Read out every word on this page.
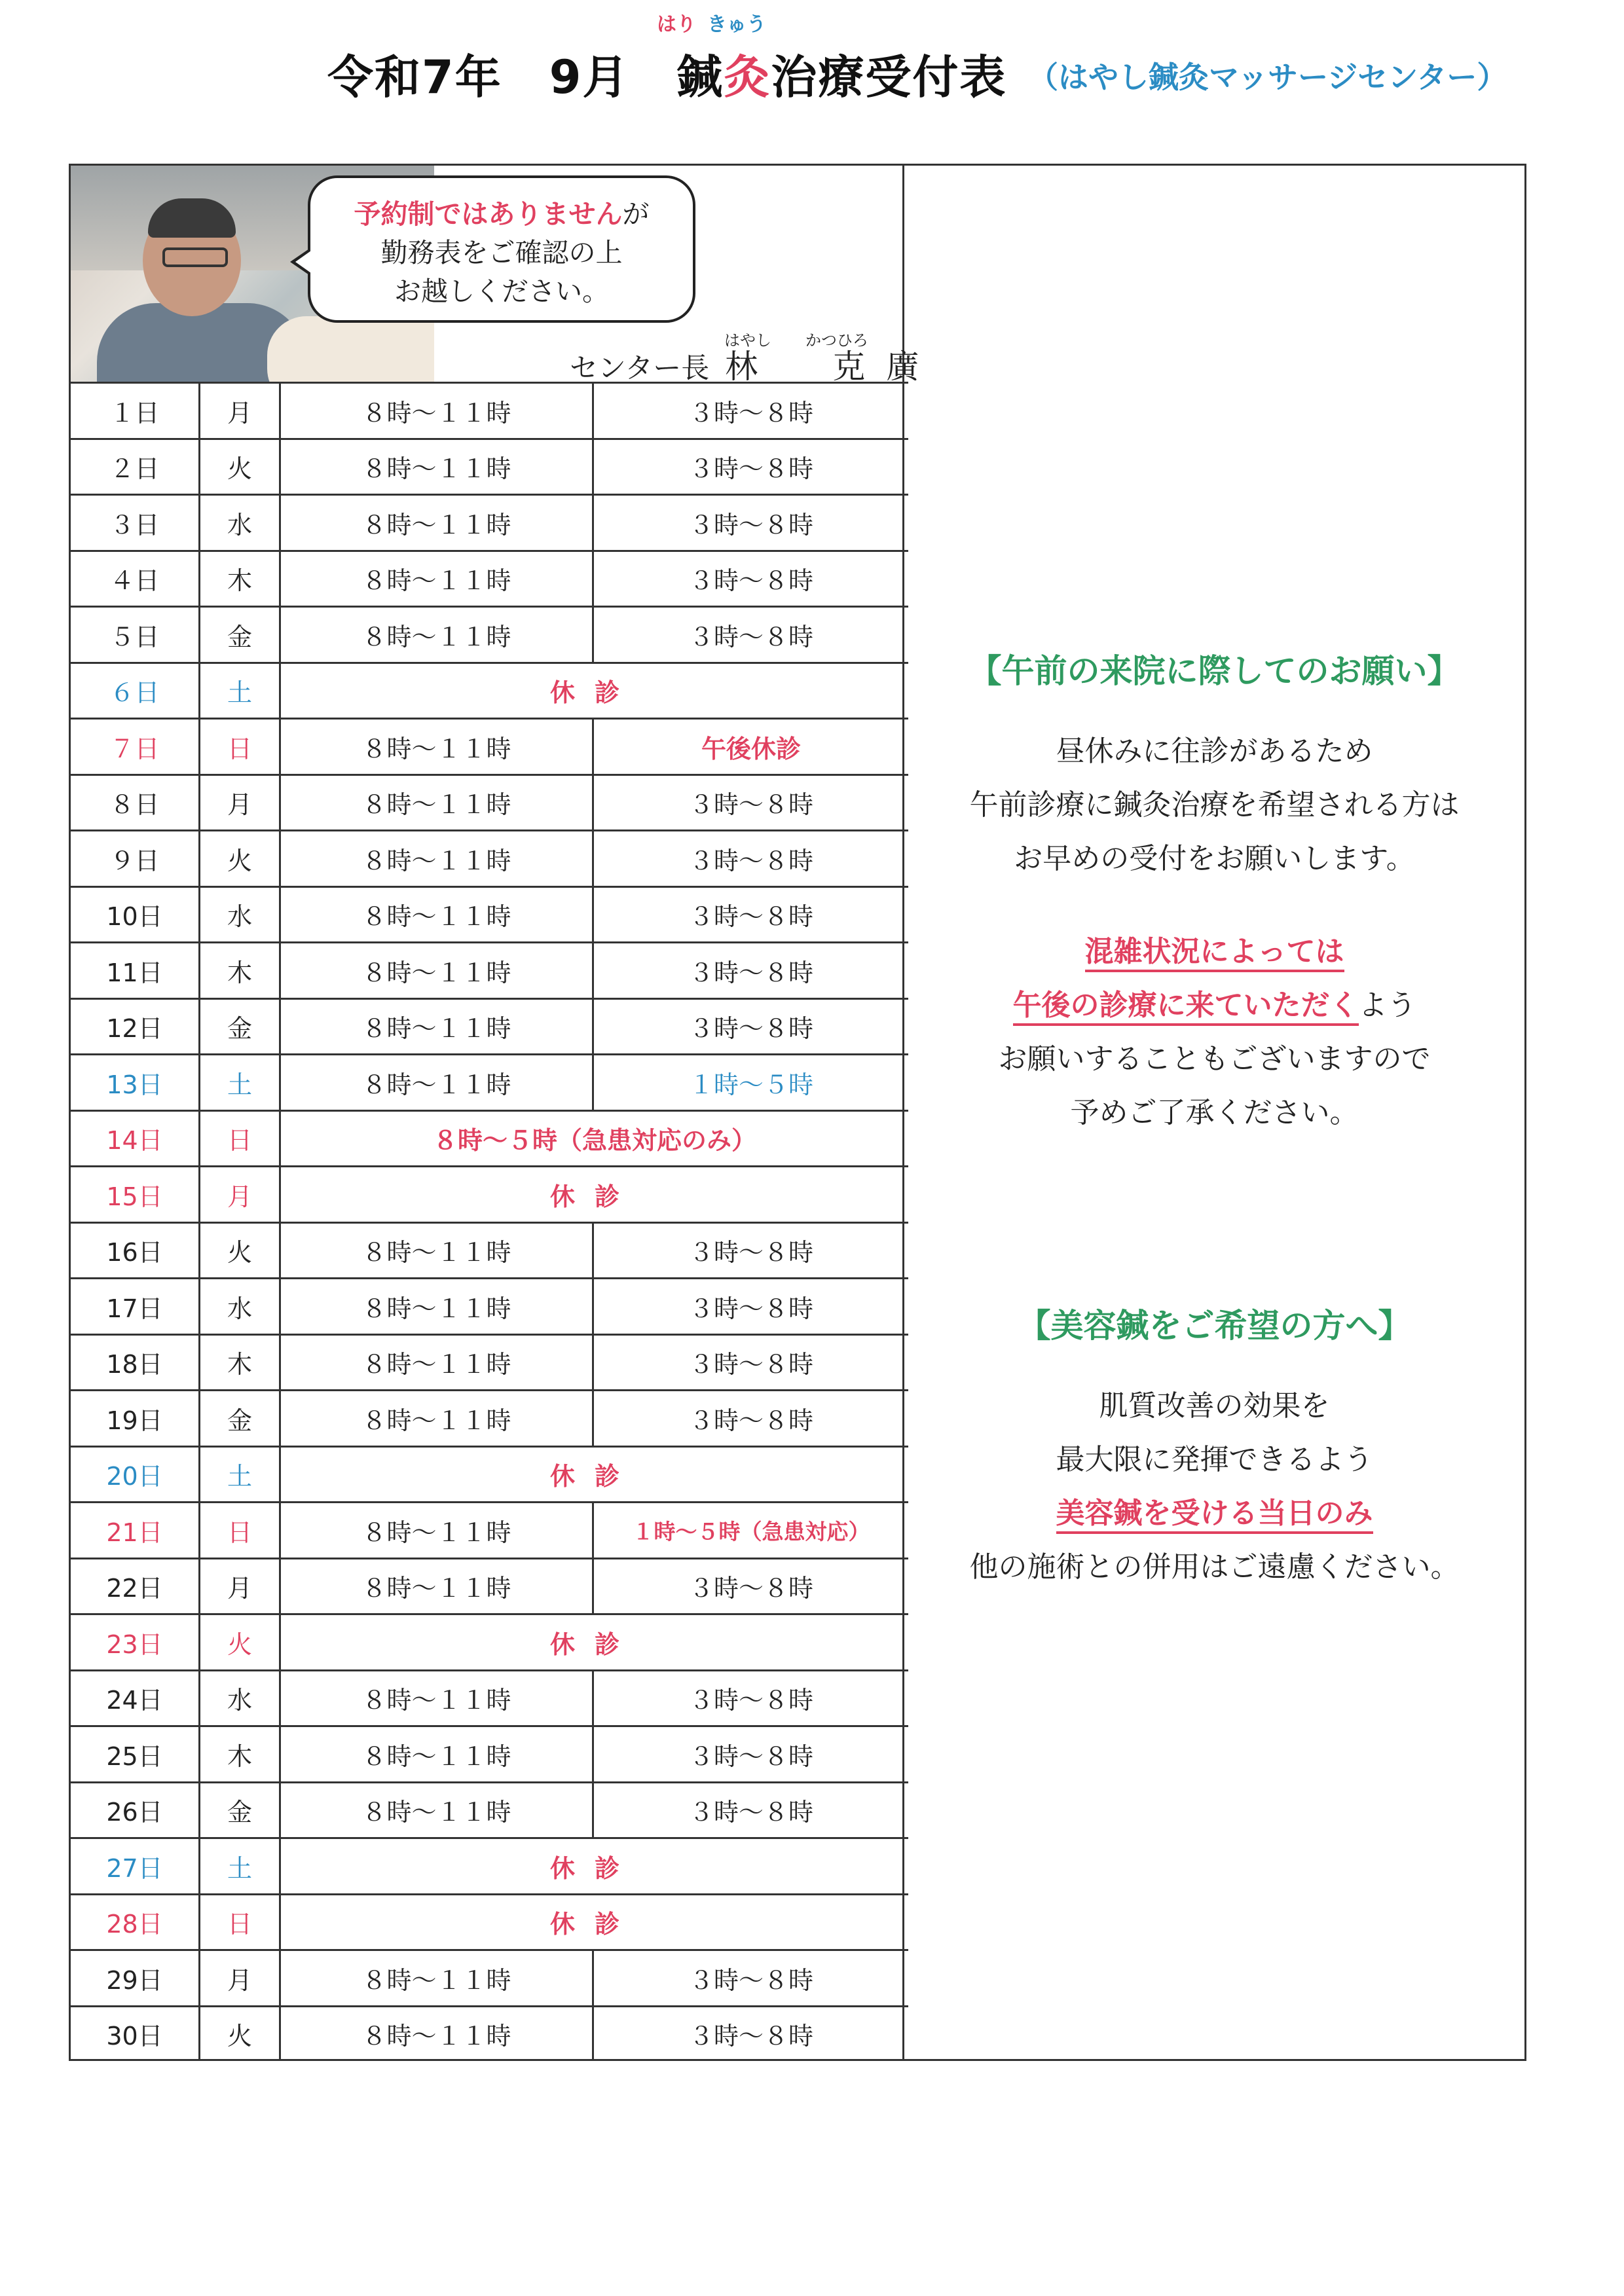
令和7年　9月　鍼灸治療受付表
はり きゅう
（はやし鍼灸マッサージセンター）
予約制ではありませんが
勤務表をご確認の上
お越しください。
はやし かつひろ
センター長 林　克廣
１日	月	８時～１１時	３時～８時
２日	火	８時～１１時	３時～８時
３日	水	８時～１１時	３時～８時
４日	木	８時～１１時	３時～８時
５日	金	８時～１１時	３時～８時
６日	土	休診	
７日	日	８時～１１時	午後休診
８日	月	８時～１１時	３時～８時
９日	火	８時～１１時	３時～８時
10日	水	８時～１１時	３時～８時
11日	木	８時～１１時	３時～８時
12日	金	８時～１１時	３時～８時
13日	土	８時～１１時	１時～５時
14日	日	８時～５時（急患対応のみ）	
15日	月	休診	
16日	火	８時～１１時	３時～８時
17日	水	８時～１１時	３時～８時
18日	木	８時～１１時	３時～８時
19日	金	８時～１１時	３時～８時
20日	土	休診	
21日	日	８時～１１時	１時～５時（急患対応）
22日	月	８時～１１時	３時～８時
23日	火	休診	
24日	水	８時～１１時	３時～８時
25日	木	８時～１１時	３時～８時
26日	金	８時～１１時	３時～８時
27日	土	休診	
28日	日	休診	
29日	月	８時～１１時	３時～８時
30日	火	８時～１１時	３時～８時
【午前の来院に際してのお願い】
昼休みに往診があるため
午前診療に鍼灸治療を希望される方は
お早めの受付をお願いします。
混雑状況によっては
午後の診療に来ていただくよう
お願いすることもございますので
予めご了承ください。
【美容鍼をご希望の方へ】
肌質改善の効果を
最大限に発揮できるよう
美容鍼を受ける当日のみ
他の施術との併用はご遠慮ください。
